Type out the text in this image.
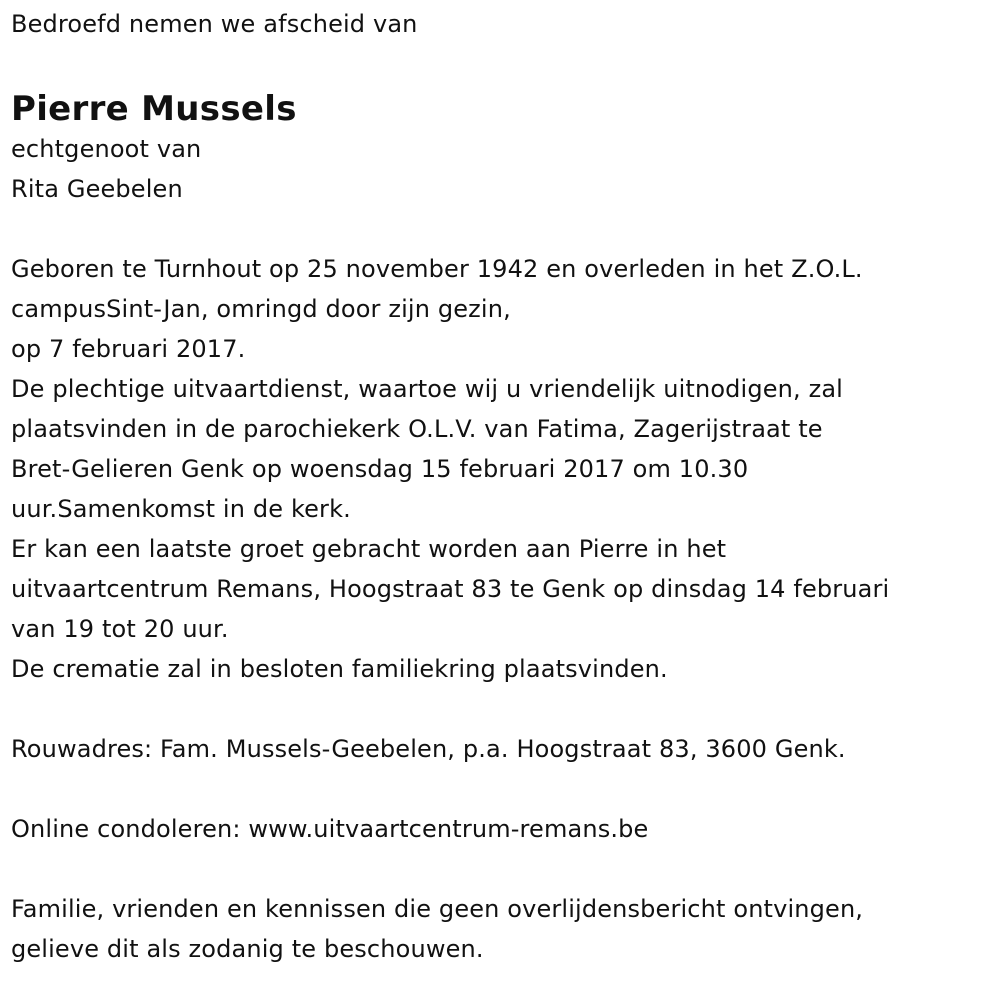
Bedroefd nemen we afscheid van
Pierre Mussels
echtgenoot van
Rita Geebelen
Geboren te Turnhout op 25 november 1942 en overleden in het Z.O.L.
campusSint-Jan, omringd door zijn gezin,
op 7 februari 2017.
De plechtige uitvaartdienst, waartoe wij u vriendelijk uitnodigen, zal
plaatsvinden in de parochiekerk O.L.V. van Fatima, Zagerijstraat te
Bret-Gelieren Genk op woensdag 15 februari 2017 om 10.30
uur.Samenkomst in de kerk.
Er kan een laatste groet gebracht worden aan Pierre in het
uitvaartcentrum Remans, Hoogstraat 83 te Genk op dinsdag 14 februari
van 19 tot 20 uur.
De crematie zal in besloten familiekring plaatsvinden.
Rouwadres: Fam. Mussels-Geebelen, p.a. Hoogstraat 83, 3600 Genk.
Online condoleren: www.uitvaartcentrum-remans.be
Familie, vrienden en kennissen die geen overlijdensbericht ontvingen,
gelieve dit als zodanig te beschouwen.
